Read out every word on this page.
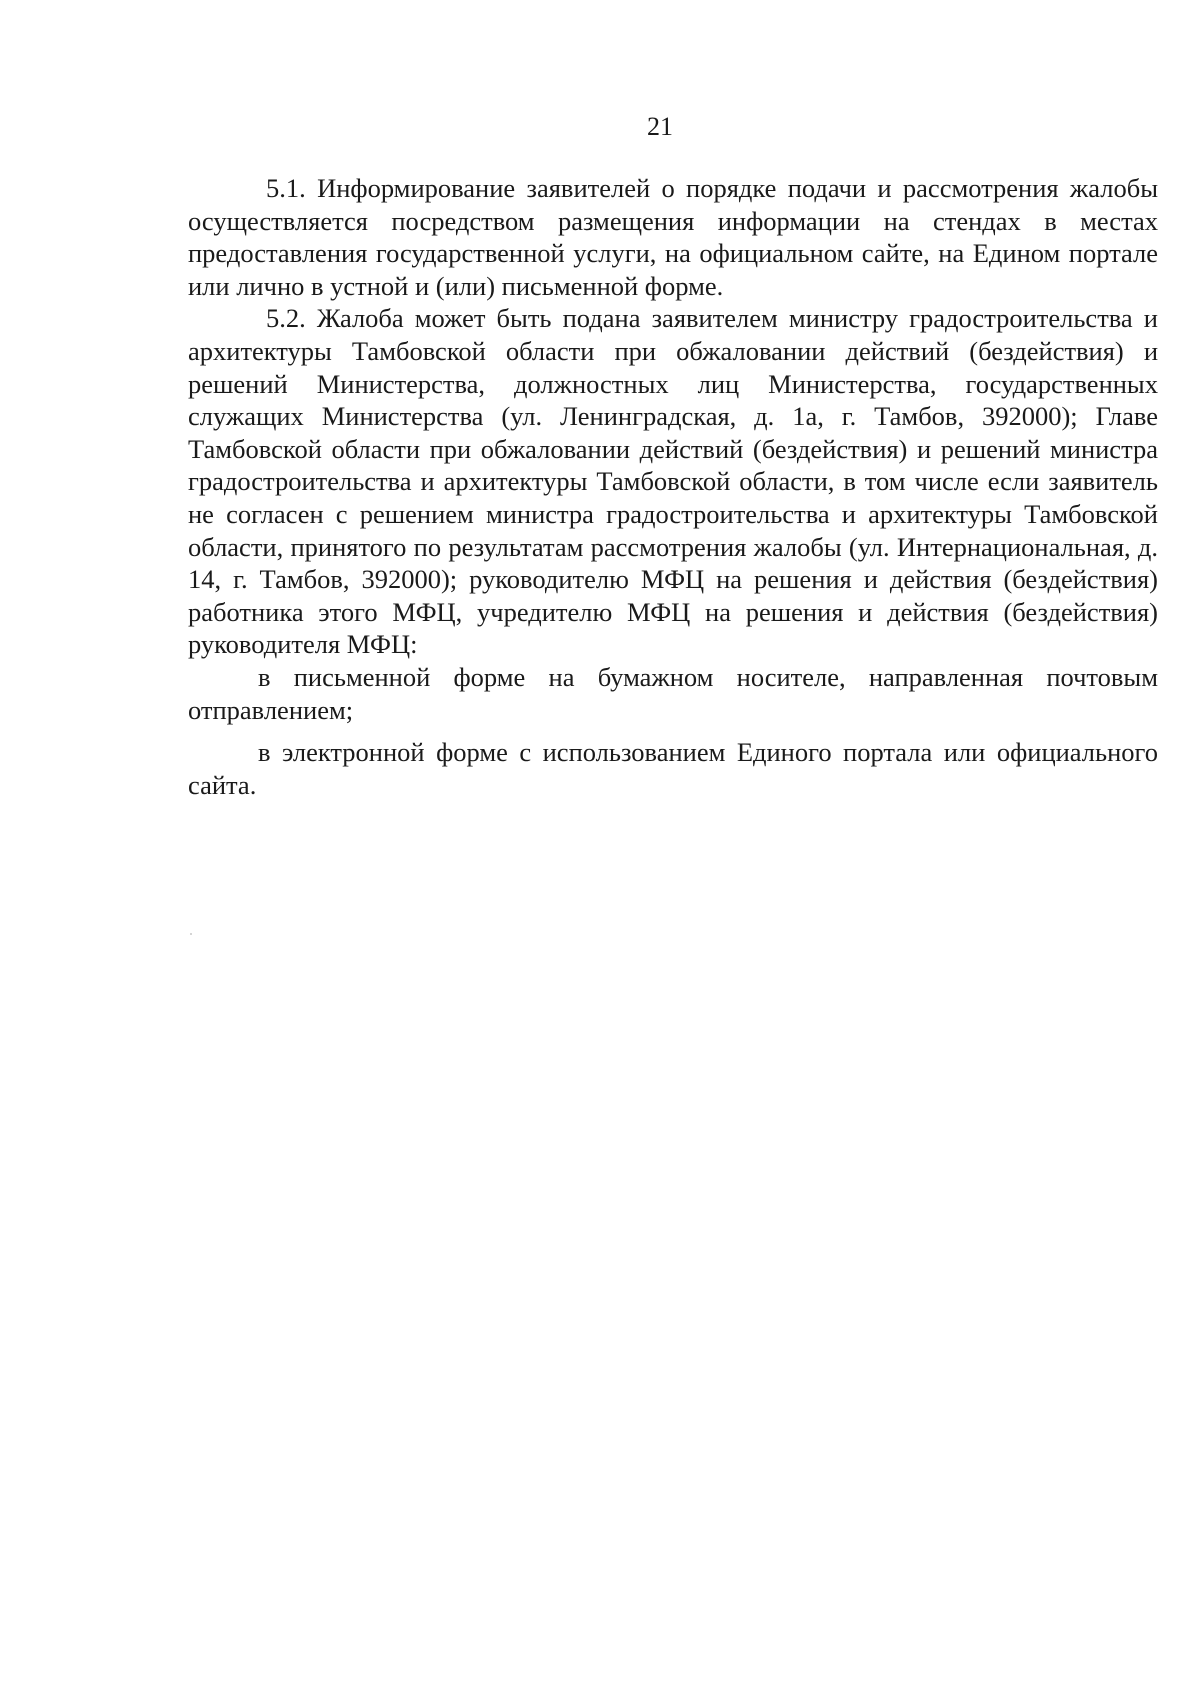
21

5.1. Информирование заявителей о порядке подачи и рассмотрения жалобы осуществляется посредством размещения информации на стендах в местах предоставления государственной услуги, на официальном сайте, на Едином портале или лично в устной и (или) письменной форме.

5.2. Жалоба может быть подана заявителем министру градостроительства и архитектуры Тамбовской области при обжаловании действий (бездействия) и решений Министерства, должностных лиц Министерства, государственных служащих Министерства (ул. Ленинградская, д. 1а, г. Тамбов, 392000); Главе Тамбовской области при обжаловании действий (бездействия) и решений министра градостроительства и архитектуры Тамбовской области, в том числе если заявитель не согласен с решением министра градостроительства и архитектуры Тамбовской области, принятого по результатам рассмотрения жалобы (ул. Интернациональная, д. 14, г. Тамбов, 392000); руководителю МФЦ на решения и действия (бездействия) работника этого МФЦ, учредителю МФЦ на решения и действия (бездействия) руководителя МФЦ:

в письменной форме на бумажном носителе, направленная почтовым отправлением;

в электронной форме с использованием Единого портала или официального сайта.
